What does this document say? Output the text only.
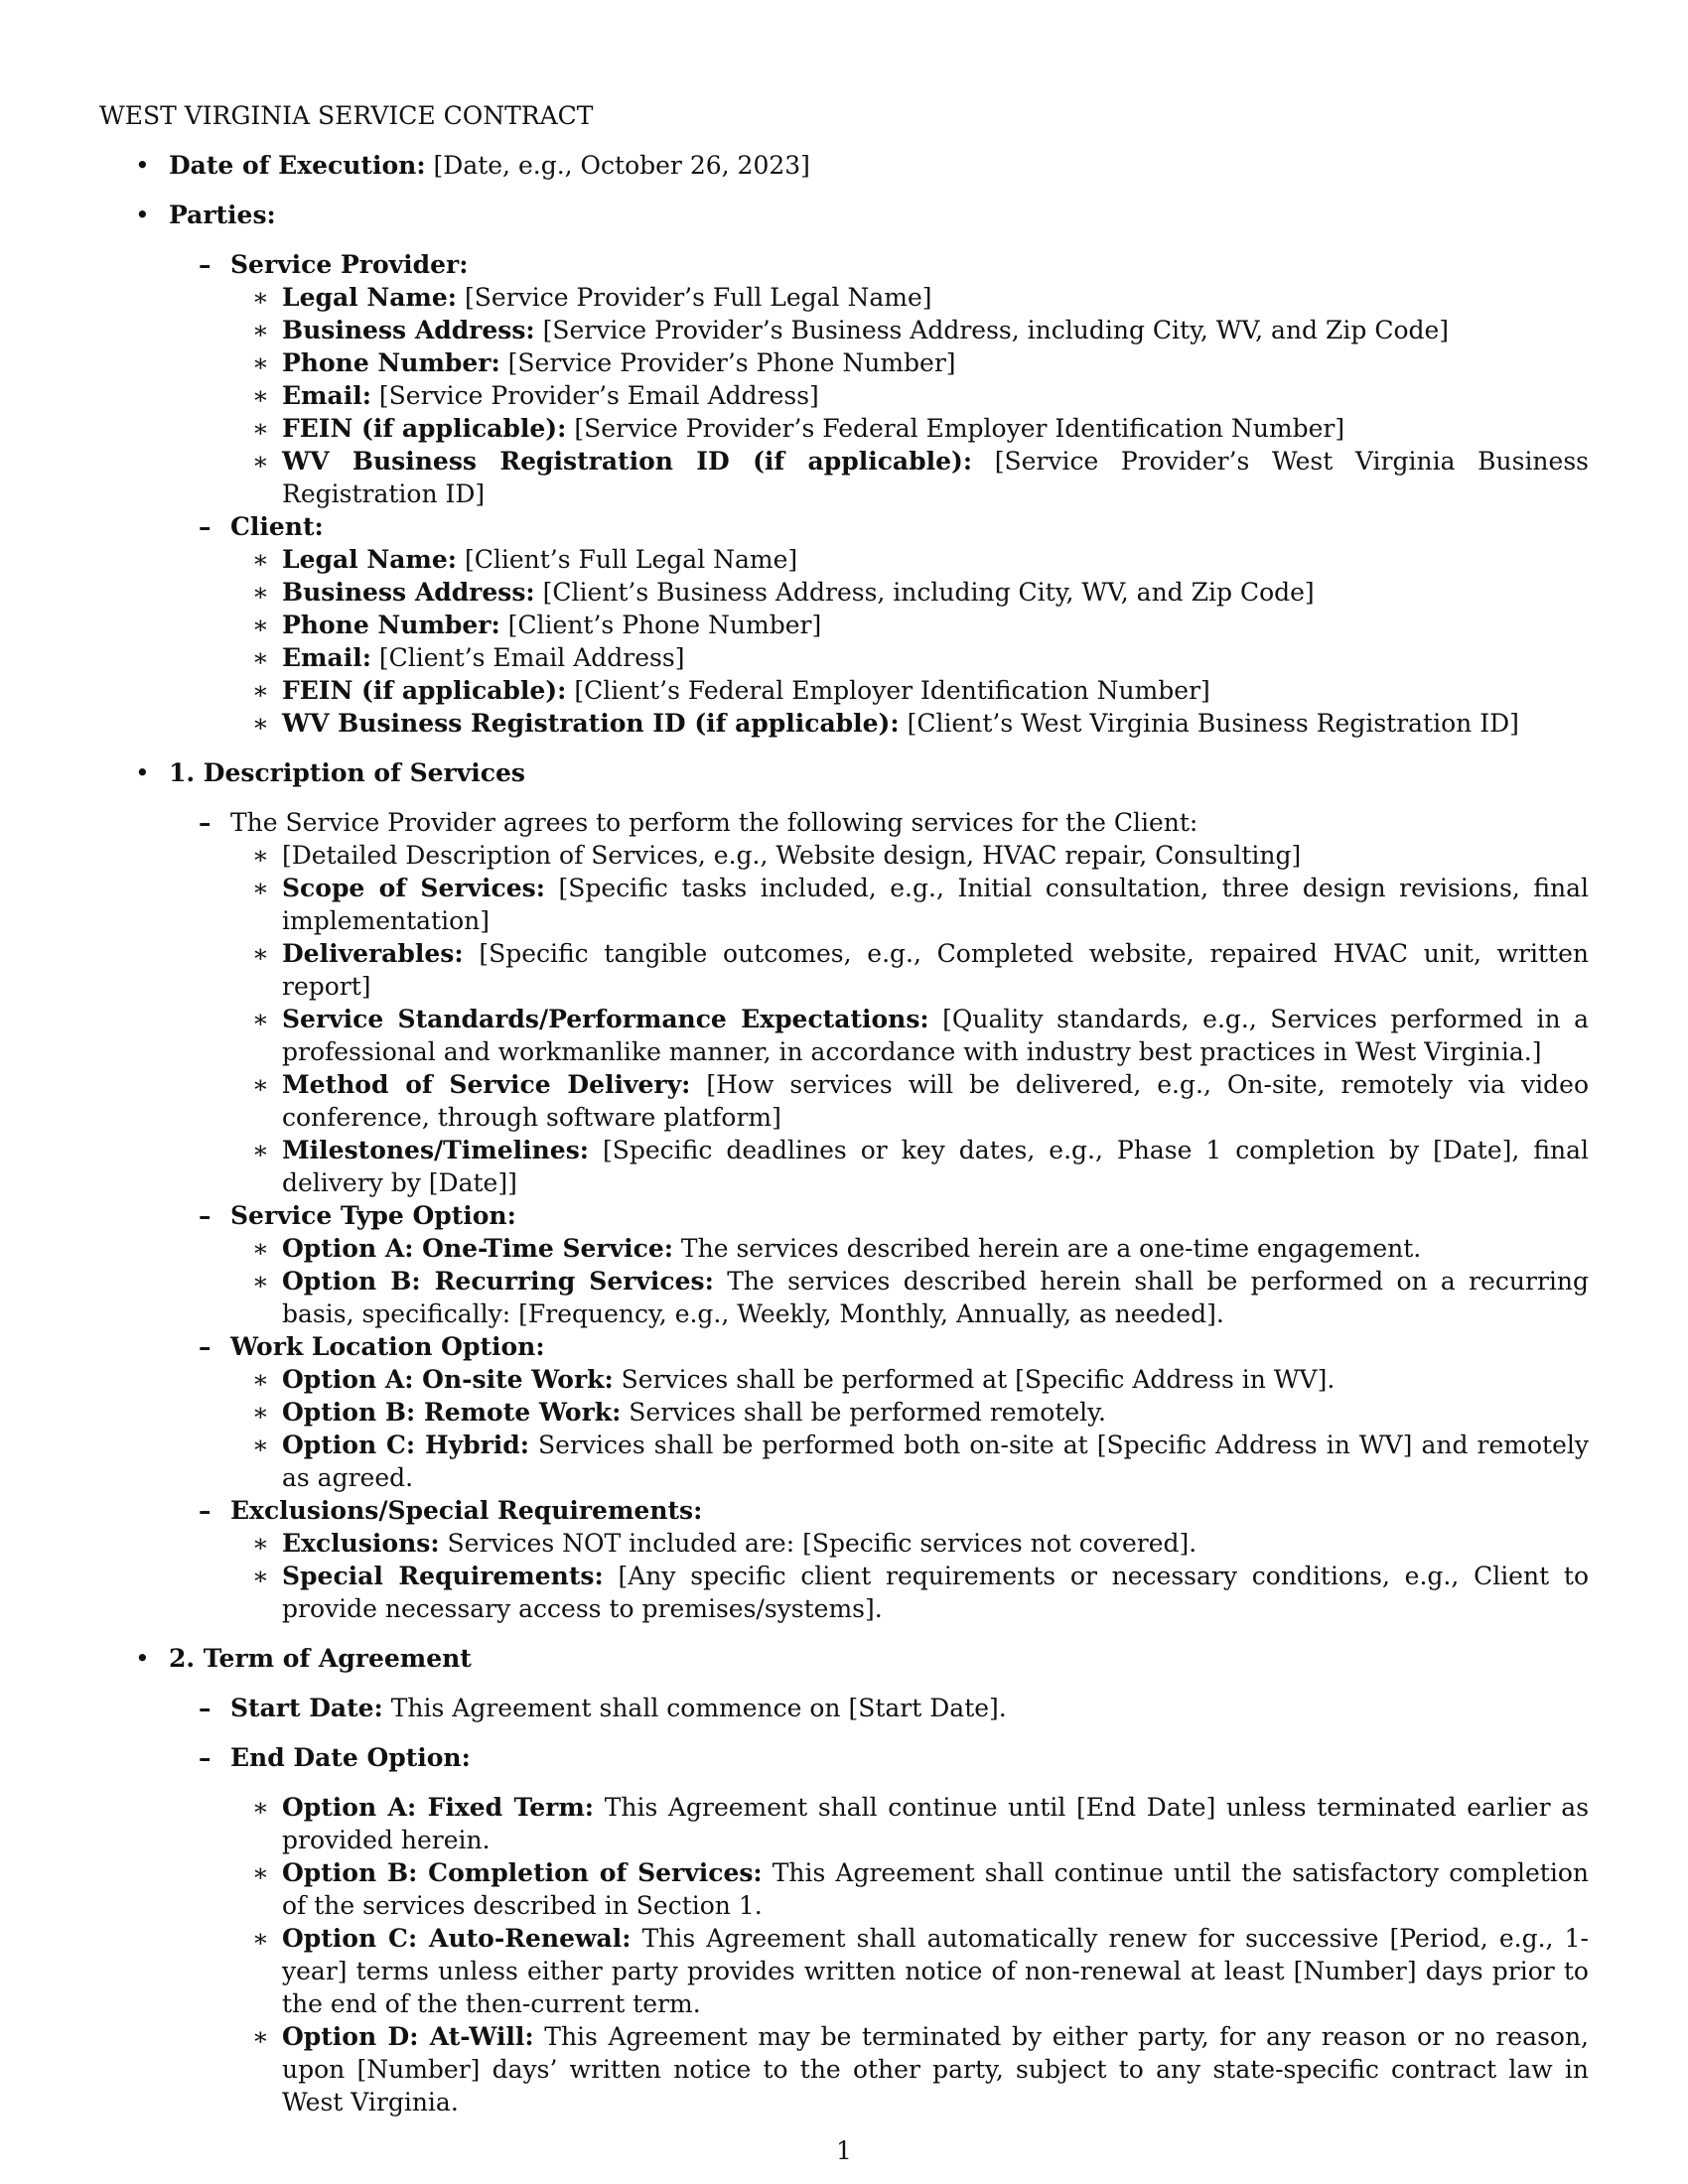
WEST VIRGINIA SERVICE CONTRACT
• Date of Execution: [Date, e.g., October 26, 2023]
• Parties:
– Service Provider:
∗ Legal Name: [Service Provider’s Full Legal Name]
∗ Business Address: [Service Provider’s Business Address, including City, WV, and Zip Code]
∗ Phone Number: [Service Provider’s Phone Number]
∗ Email: [Service Provider’s Email Address]
∗ FEIN (if applicable): [Service Provider’s Federal Employer Identification Number]
∗ WV Business Registration ID (if applicable): [Service Provider’s West Virginia Business Registration ID]
– Client:
∗ Legal Name: [Client’s Full Legal Name]
∗ Business Address: [Client’s Business Address, including City, WV, and Zip Code]
∗ Phone Number: [Client’s Phone Number]
∗ Email: [Client’s Email Address]
∗ FEIN (if applicable): [Client’s Federal Employer Identification Number]
∗ WV Business Registration ID (if applicable): [Client’s West Virginia Business Registration ID]
• 1. Description of Services
– The Service Provider agrees to perform the following services for the Client:
∗ [Detailed Description of Services, e.g., Website design, HVAC repair, Consulting]
∗ Scope of Services: [Specific tasks included, e.g., Initial consultation, three design revisions, final implementation]
∗ Deliverables: [Specific tangible outcomes, e.g., Completed website, repaired HVAC unit, written report]
∗ Service Standards/Performance Expectations: [Quality standards, e.g., Services performed in a professional and workmanlike manner, in accordance with industry best practices in West Virginia.]
∗ Method of Service Delivery: [How services will be delivered, e.g., On-site, remotely via video conference, through software platform]
∗ Milestones/Timelines: [Specific deadlines or key dates, e.g., Phase 1 completion by [Date], final delivery by [Date]]
– Service Type Option:
∗ Option A: One-Time Service: The services described herein are a one-time engagement.
∗ Option B: Recurring Services: The services described herein shall be performed on a recurring basis, specifically: [Frequency, e.g., Weekly, Monthly, Annually, as needed].
– Work Location Option:
∗ Option A: On-site Work: Services shall be performed at [Specific Address in WV].
∗ Option B: Remote Work: Services shall be performed remotely.
∗ Option C: Hybrid: Services shall be performed both on-site at [Specific Address in WV] and remotely as agreed.
– Exclusions/Special Requirements:
∗ Exclusions: Services NOT included are: [Specific services not covered].
∗ Special Requirements: [Any specific client requirements or necessary conditions, e.g., Client to provide necessary access to premises/systems].
• 2. Term of Agreement
– Start Date: This Agreement shall commence on [Start Date].
– End Date Option:
∗ Option A: Fixed Term: This Agreement shall continue until [End Date] unless terminated earlier as provided herein.
∗ Option B: Completion of Services: This Agreement shall continue until the satisfactory completion of the services described in Section 1.
∗ Option C: Auto-Renewal: This Agreement shall automatically renew for successive [Period, e.g., 1-year] terms unless either party provides written notice of non-renewal at least [Number] days prior to the end of the then-current term.
∗ Option D: At-Will: This Agreement may be terminated by either party, for any reason or no reason, upon [Number] days’ written notice to the other party, subject to any state-specific contract law in West Virginia.
1
